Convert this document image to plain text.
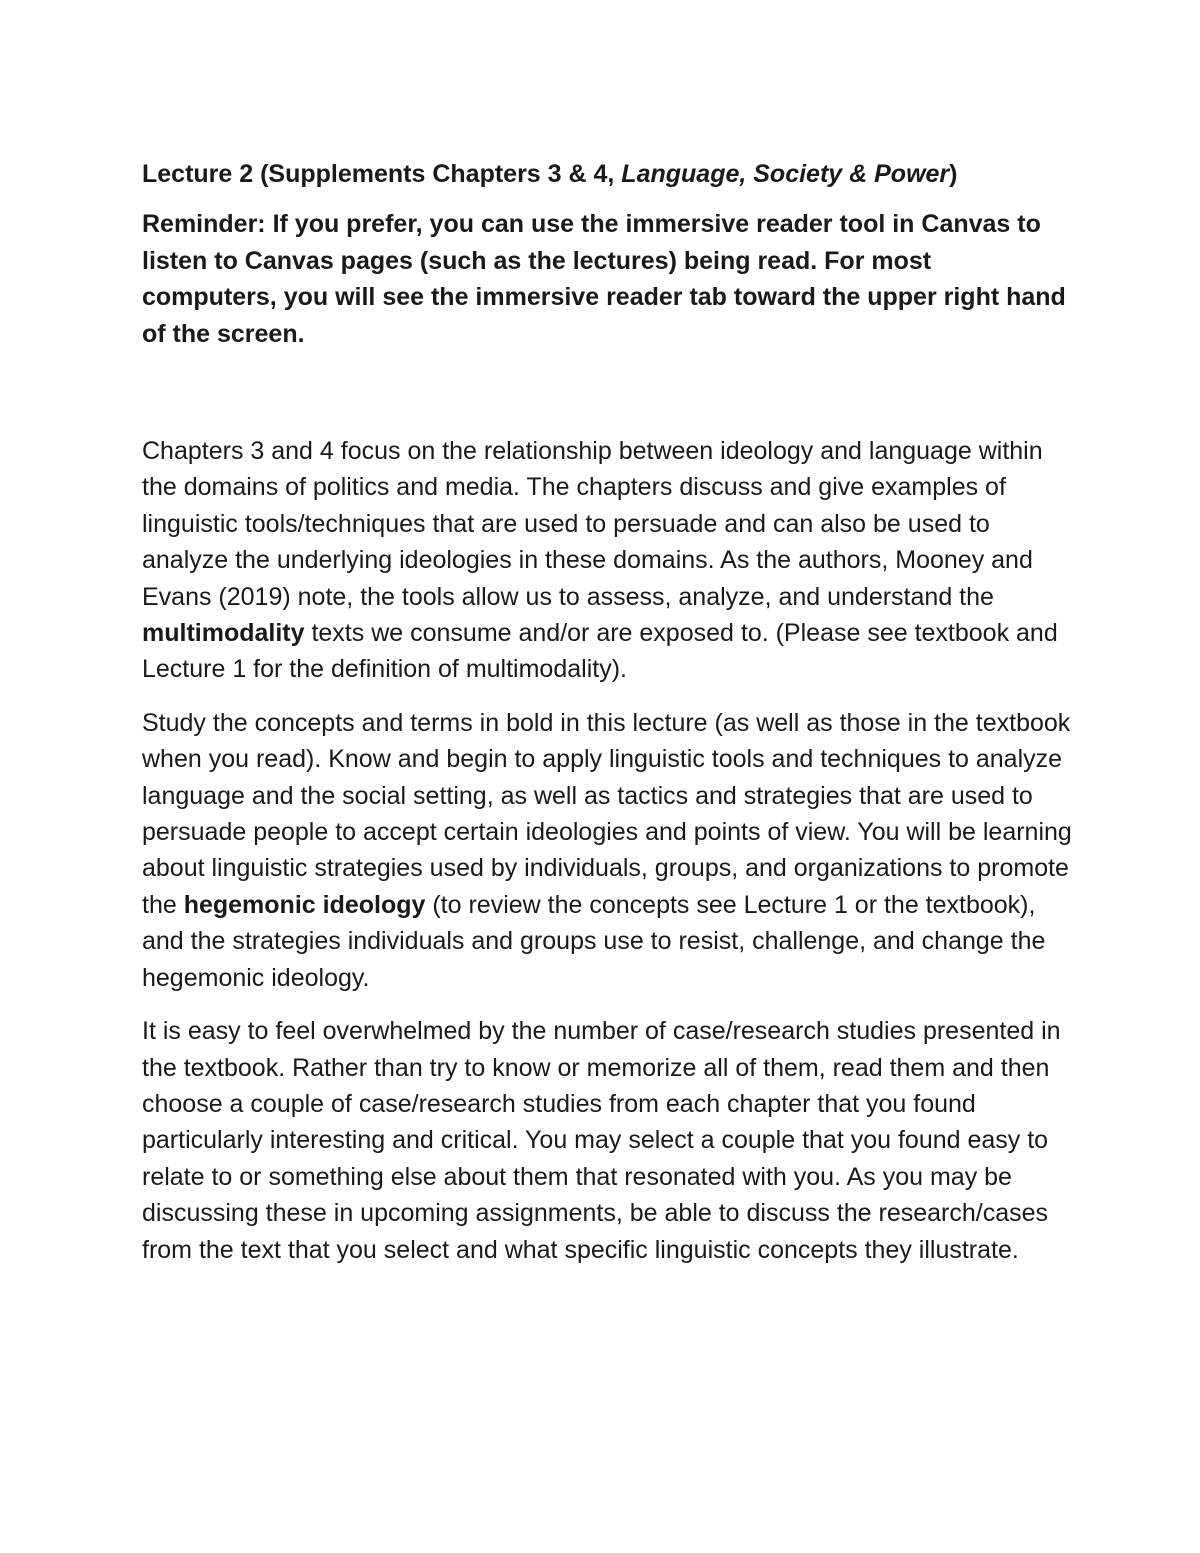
Lecture 2 (Supplements Chapters 3 & 4, Language, Society & Power)

Reminder: If you prefer, you can use the immersive reader tool in Canvas to listen to Canvas pages (such as the lectures) being read. For most computers, you will see the immersive reader tab toward the upper right hand of the screen.

Chapters 3 and 4 focus on the relationship between ideology and language within the domains of politics and media. The chapters discuss and give examples of linguistic tools/techniques that are used to persuade and can also be used to analyze the underlying ideologies in these domains. As the authors, Mooney and Evans (2019) note, the tools allow us to assess, analyze, and understand the multimodality texts we consume and/or are exposed to. (Please see textbook and Lecture 1 for the definition of multimodality).

Study the concepts and terms in bold in this lecture (as well as those in the textbook when you read). Know and begin to apply linguistic tools and techniques to analyze language and the social setting, as well as tactics and strategies that are used to persuade people to accept certain ideologies and points of view. You will be learning about linguistic strategies used by individuals, groups, and organizations to promote the hegemonic ideology (to review the concepts see Lecture 1 or the textbook), and the strategies individuals and groups use to resist, challenge, and change the hegemonic ideology.

It is easy to feel overwhelmed by the number of case/research studies presented in the textbook. Rather than try to know or memorize all of them, read them and then choose a couple of case/research studies from each chapter that you found particularly interesting and critical. You may select a couple that you found easy to relate to or something else about them that resonated with you. As you may be discussing these in upcoming assignments, be able to discuss the research/cases from the text that you select and what specific linguistic concepts they illustrate.
